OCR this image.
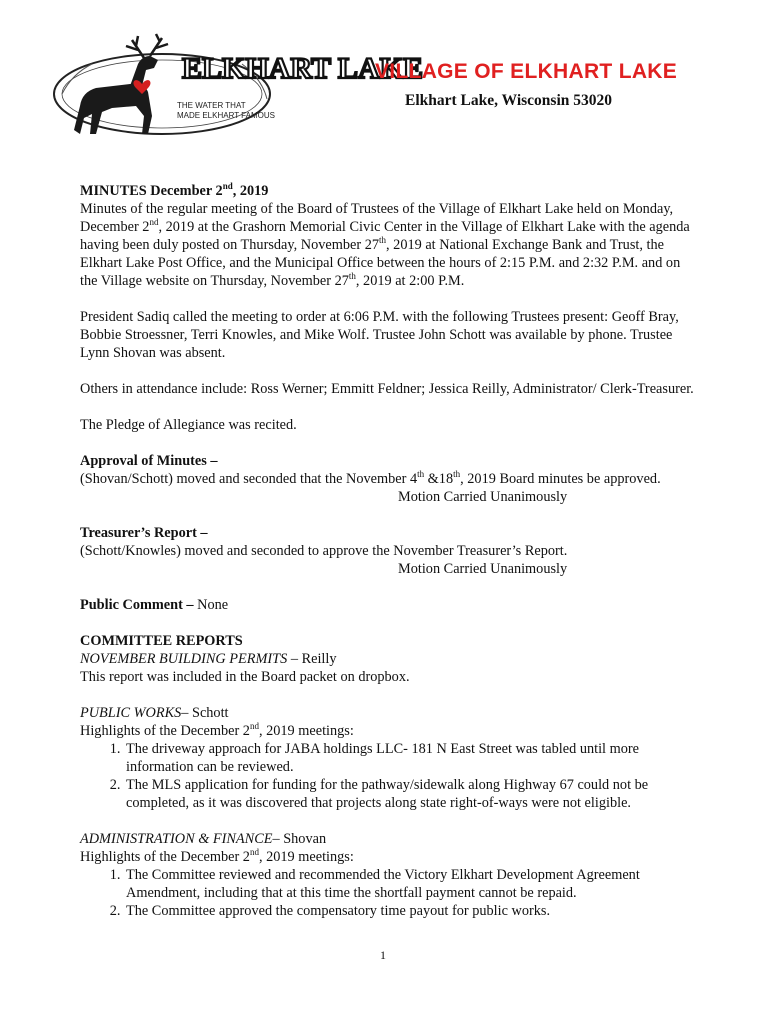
ELKHART LAKE
THE WATER THAT
MADE ELKHART FAMOUS
VILLAGE OF ELKHART LAKE
Elkhart Lake, Wisconsin 53020

MINUTES December 2nd, 2019

Minutes of the regular meeting of the Board of Trustees of the Village of Elkhart Lake held on Monday, December 2nd, 2019 at the Grashorn Memorial Civic Center in the Village of Elkhart Lake with the agenda having been duly posted on Thursday, November 27th, 2019 at National Exchange Bank and Trust, the Elkhart Lake Post Office, and the Municipal Office between the hours of 2:15 P.M. and 2:32 P.M. and on the Village website on Thursday, November 27th, 2019 at 2:00 P.M.

President Sadiq called the meeting to order at 6:06 P.M. with the following Trustees present: Geoff Bray, Bobbie Stroessner, Terri Knowles, and Mike Wolf. Trustee John Schott was available by phone. Trustee Lynn Shovan was absent.

Others in attendance include: Ross Werner; Emmitt Feldner; Jessica Reilly, Administrator/ Clerk-Treasurer.

The Pledge of Allegiance was recited.

Approval of Minutes –

(Shovan/Schott) moved and seconded that the November 4th &18th, 2019 Board minutes be approved.

Motion Carried Unanimously

Treasurer’s Report –

(Schott/Knowles) moved and seconded to approve the November Treasurer’s Report.

Motion Carried Unanimously

Public Comment – None

COMMITTEE REPORTS

NOVEMBER BUILDING PERMITS – Reilly

This report was included in the Board packet on dropbox.

PUBLIC WORKS– Schott

Highlights of the December 2nd, 2019 meetings:

1. The driveway approach for JABA holdings LLC- 181 N East Street was tabled until more information can be reviewed.
2. The MLS application for funding for the pathway/sidewalk along Highway 67 could not be completed, as it was discovered that projects along state right-of-ways were not eligible.

ADMINISTRATION & FINANCE– Shovan

Highlights of the December 2nd, 2019 meetings:

1. The Committee reviewed and recommended the Victory Elkhart Development Agreement Amendment, including that at this time the shortfall payment cannot be repaid.
2. The Committee approved the compensatory time payout for public works.
1
